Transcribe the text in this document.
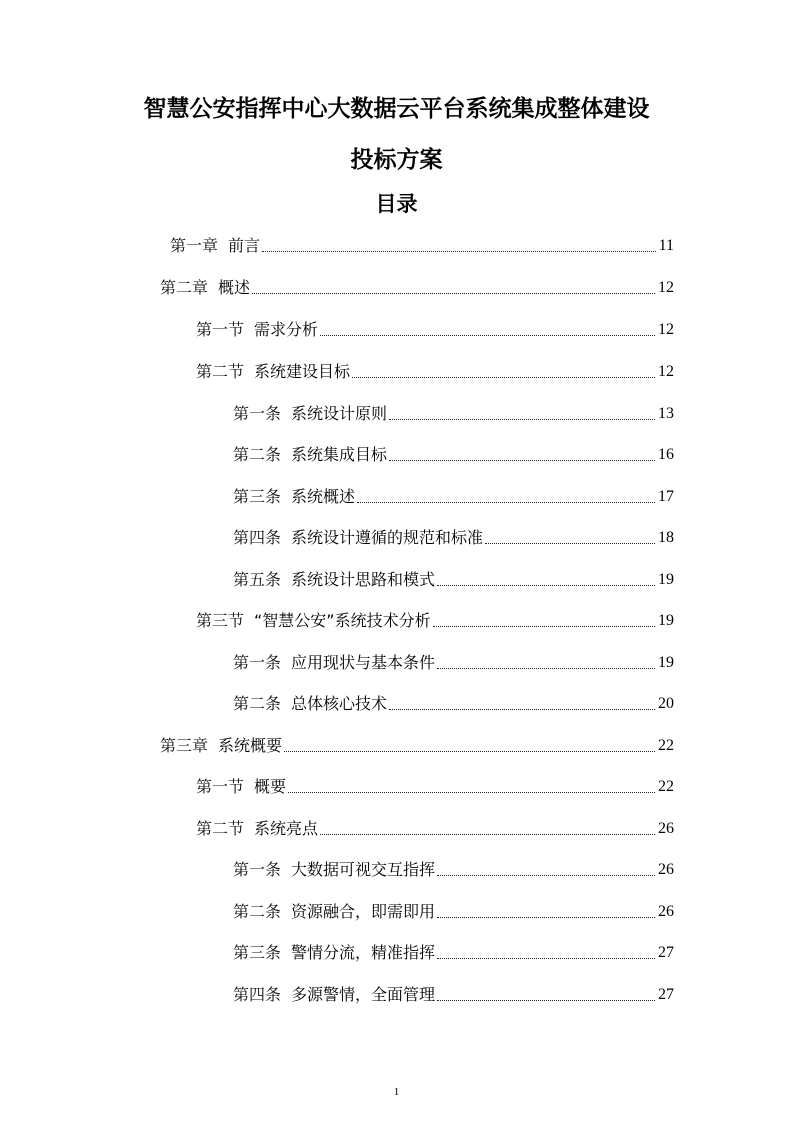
智慧公安指挥中心大数据云平台系统集成整体建设
投标方案
目录
第一章 前言	11
第二章 概述	12
第一节 需求分析	12
第二节 系统建设目标	12
第一条 系统设计原则	13
第二条 系统集成目标	16
第三条 系统概述	17
第四条 系统设计遵循的规范和标准	18
第五条 系统设计思路和模式	19
第三节 “智慧公安”系统技术分析	19
第一条 应用现状与基本条件	19
第二条 总体核心技术	20
第三章 系统概要	22
第一节 概要	22
第二节 系统亮点	26
第一条 大数据可视交互指挥	26
第二条 资源融合，即需即用	26
第三条 警情分流，精准指挥	27
第四条 多源警情，全面管理	27
1
